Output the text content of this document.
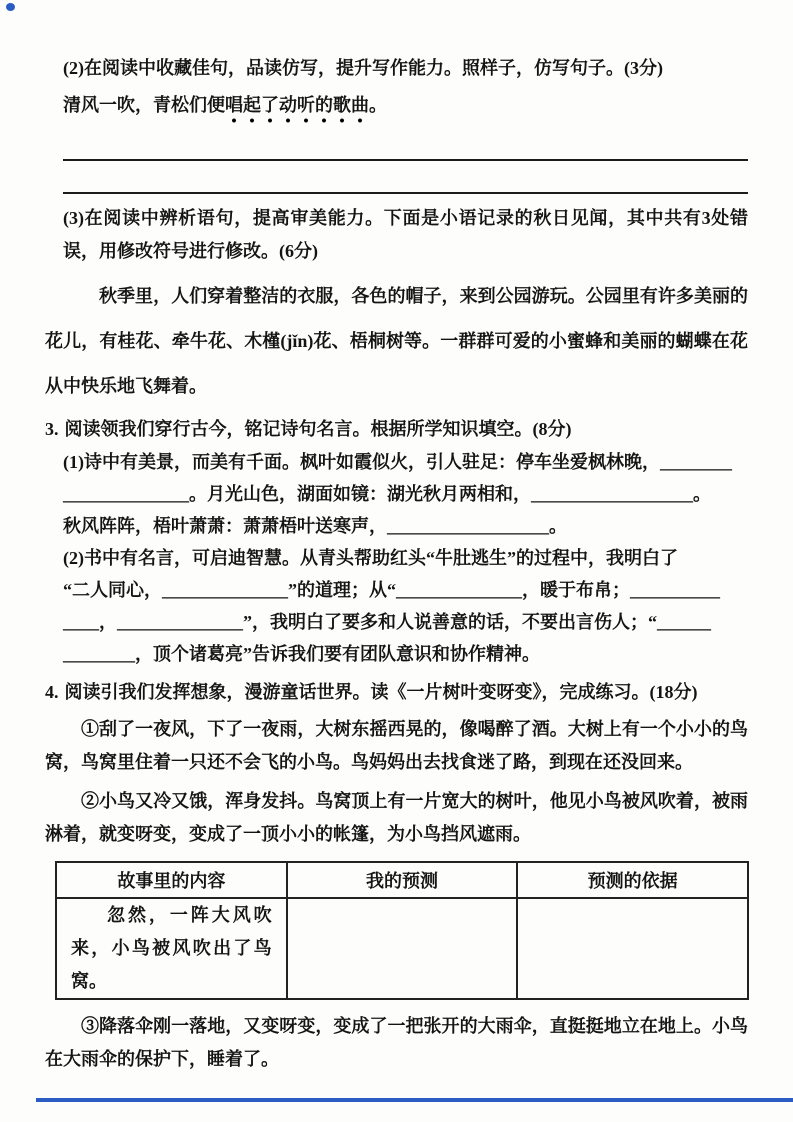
(2)在阅读中收藏佳句，品读仿写，提升写作能力。照样子，仿写句子。(3分)

清风一吹，青松们便唱起了动听的歌曲。

(3)在阅读中辨析语句，提高审美能力。下面是小语记录的秋日见闻，其中共有3处错误，用修改符号进行修改。(6分)

秋季里，人们穿着整洁的衣服，各色的帽子，来到公园游玩。公园里有许多美丽的花儿，有桂花、牵牛花、木槿(jǐn)花、梧桐树等。一群群可爱的小蜜蜂和美丽的蝴蝶在花从中快乐地飞舞着。

3. 阅读领我们穿行古今，铭记诗句名言。根据所学知识填空。(8分)

(1)诗中有美景，而美有千面。枫叶如霞似火，引人驻足：停车坐爱枫林晚，________
______________。月光山色，湖面如镜：湖光秋月两相和，__________________。
秋风阵阵，梧叶萧萧：萧萧梧叶送寒声，__________________。
(2)书中有名言，可启迪智慧。从青头帮助红头“牛肚逃生”的过程中，我明白了
“二人同心，______________”的道理；从“______________，暖于布帛；__________
____，______________”，我明白了要多和人说善意的话，不要出言伤人；“______
________，顶个诸葛亮”告诉我们要有团队意识和协作精神。

4. 阅读引我们发挥想象，漫游童话世界。读《一片树叶变呀变》，完成练习。(18分)

①刮了一夜风，下了一夜雨，大树东摇西晃的，像喝醉了酒。大树上有一个小小的鸟窝，鸟窝里住着一只还不会飞的小鸟。鸟妈妈出去找食迷了路，到现在还没回来。

②小鸟又冷又饿，浑身发抖。鸟窝顶上有一片宽大的树叶，他见小鸟被风吹着，被雨淋着，就变呀变，变成了一顶小小的帐篷，为小鸟挡风遮雨。

故事里的内容	我的预测	预测的依据

忽然，一阵大风吹来，小鸟被风吹出了鸟窝。		

③降落伞刚一落地，又变呀变，变成了一把张开的大雨伞，直挺挺地立在地上。小鸟在大雨伞的保护下，睡着了。
